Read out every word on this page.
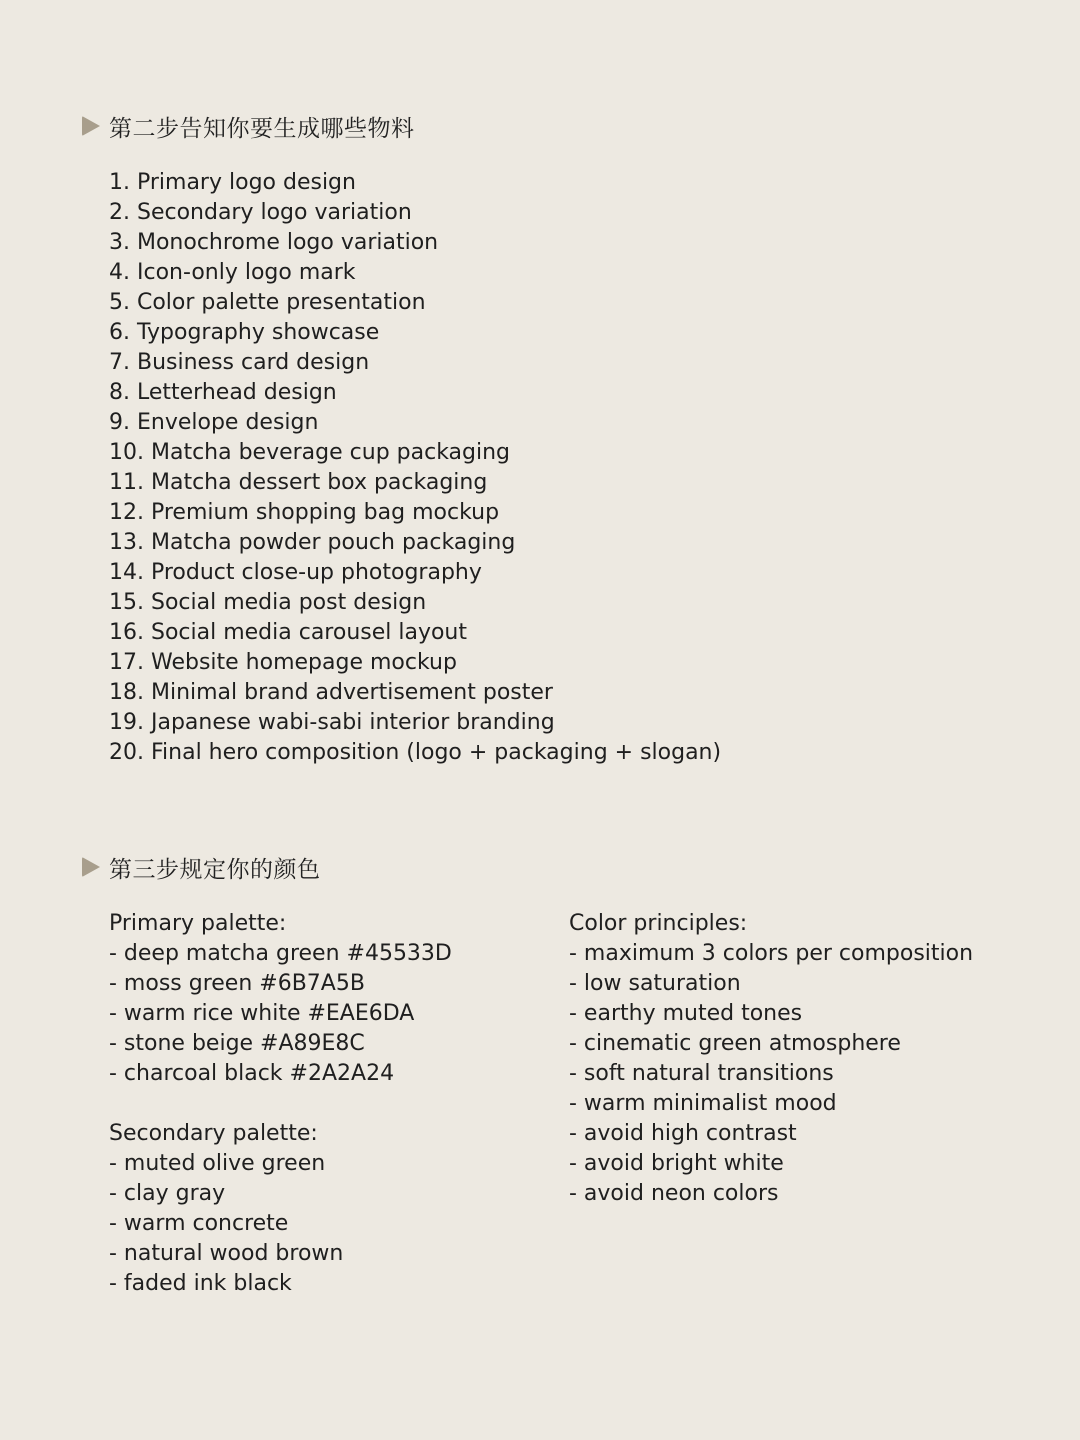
第二步告知你要生成哪些物料
1. Primary logo design
2. Secondary logo variation
3. Monochrome logo variation
4. Icon-only logo mark
5. Color palette presentation
6. Typography showcase
7. Business card design
8. Letterhead design
9. Envelope design
10. Matcha beverage cup packaging
11. Matcha dessert box packaging
12. Premium shopping bag mockup
13. Matcha powder pouch packaging
14. Product close-up photography
15. Social media post design
16. Social media carousel layout
17. Website homepage mockup
18. Minimal brand advertisement poster
19. Japanese wabi-sabi interior branding
20. Final hero composition (logo + packaging + slogan)
第三步规定你的颜色
Primary palette:
- deep matcha green #45533D
- moss green #6B7A5B
- warm rice white #EAE6DA
- stone beige #A89E8C
- charcoal black #2A2A24
Secondary palette:
- muted olive green
- clay gray
- warm concrete
- natural wood brown
- faded ink black
Color principles:
- maximum 3 colors per composition
- low saturation
- earthy muted tones
- cinematic green atmosphere
- soft natural transitions
- warm minimalist mood
- avoid high contrast
- avoid bright white
- avoid neon colors
